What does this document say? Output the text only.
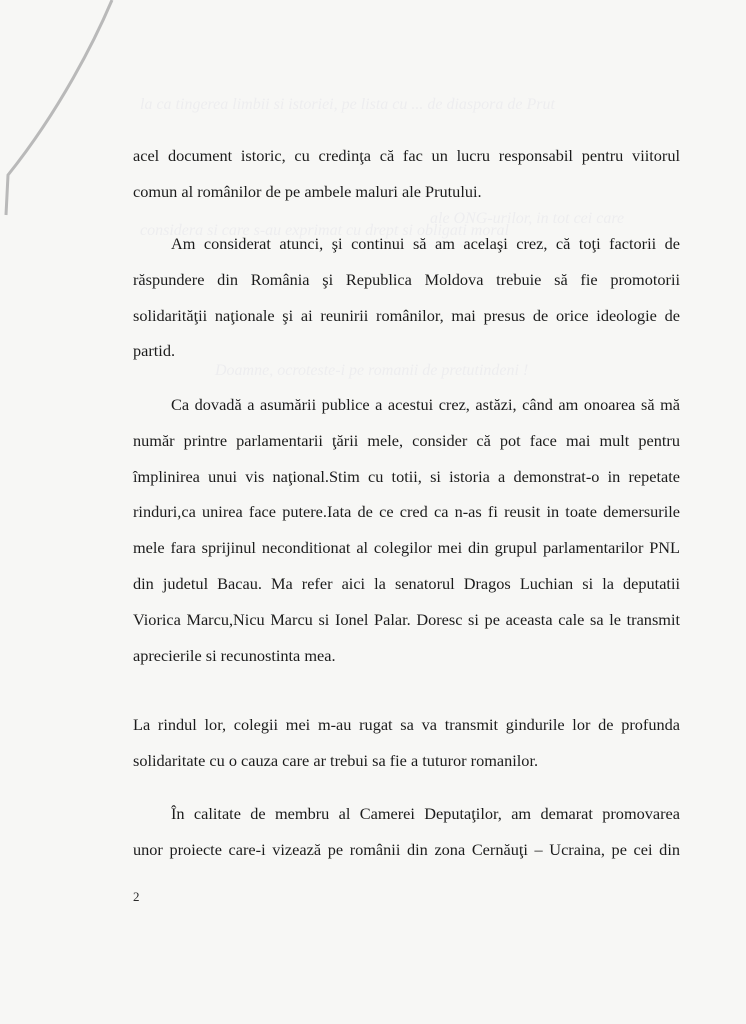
la ca tingerea limbii si istoriei, pe lista cu ... de diaspora de Prut
ale ONG-urilor, in tot cei care
considera si care s-au exprimat cu drept si obligati moral
Doamne, ocroteste-i pe romanii de pretutindeni !
acel document istoric, cu credinţa că fac un lucru responsabil pentru viitorul
comun al românilor de pe ambele maluri ale Prutului.
Am considerat atunci, şi continui să am acelaşi crez, că toţi factorii de
răspundere din România şi Republica Moldova trebuie să fie promotorii
solidarităţii naţionale şi ai reunirii românilor, mai presus de orice ideologie de
partid.
Ca dovadă a asumării publice a acestui crez, astăzi, când am onoarea să mă
număr printre parlamentarii ţării mele, consider că pot face mai mult pentru
împlinirea unui vis naţional.Stim cu totii, si istoria a demonstrat-o in repetate
rinduri,ca unirea face putere.Iata de ce cred ca n-as fi reusit in toate demersurile
mele fara sprijinul neconditionat al colegilor mei din grupul parlamentarilor PNL
din judetul Bacau. Ma refer aici la senatorul Dragos Luchian si la deputatii
Viorica Marcu,Nicu Marcu si Ionel Palar. Doresc si pe aceasta cale sa le transmit
aprecierile si recunostinta mea.
La rindul lor, colegii mei m-au rugat sa va transmit gindurile lor de profunda
solidaritate cu o cauza care ar trebui sa fie a tuturor romanilor.
În calitate de membru al Camerei Deputaţilor, am demarat promovarea
unor proiecte care-i vizează pe românii din zona Cernăuţi – Ucraina, pe cei din
2
